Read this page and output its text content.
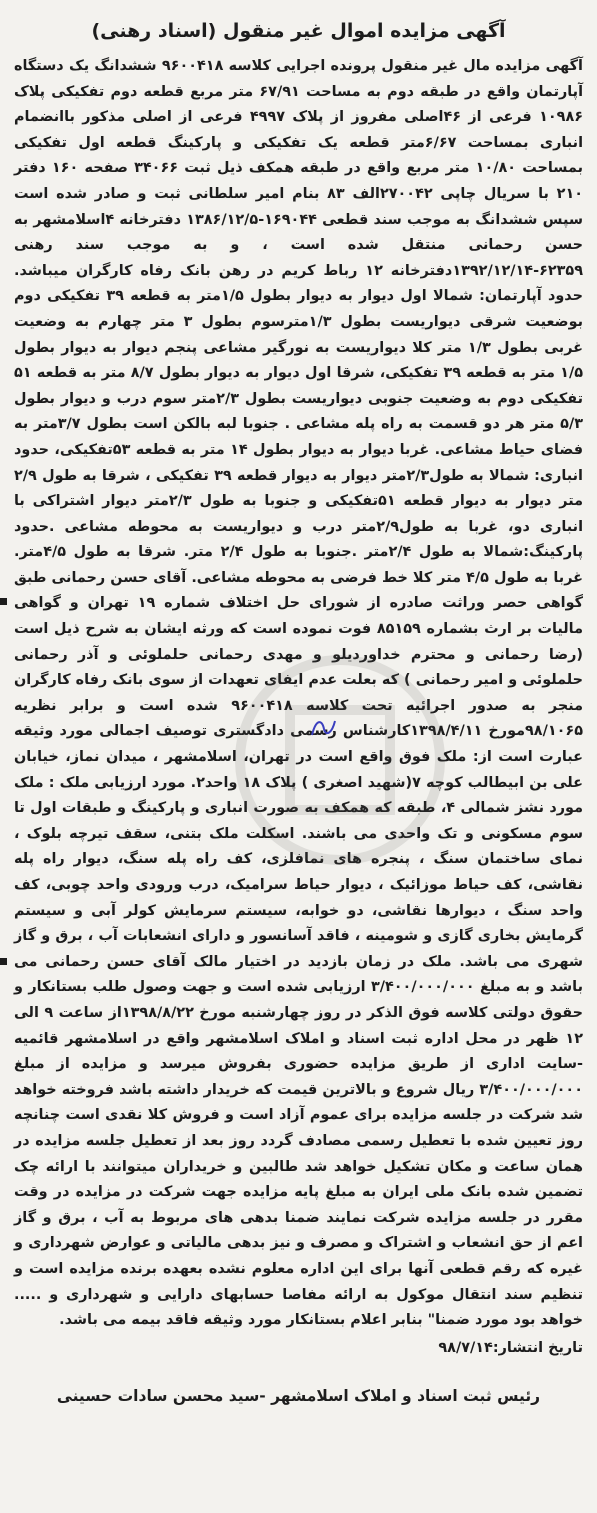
آگهی مزایده اموال غیر منقول (اسناد رهنی)

آگهی مزایده مال غیر منقول پرونده اجرایی کلاسه ۹۶۰۰۴۱۸ ششدانگ یک دستگاه آپارتمان واقع در طبقه دوم به مساحت ۶۷/۹۱ متر مربع قطعه دوم تفکیکی پلاک ۱۰۹۸۶ فرعی از ۴۶اصلی مفروز از پلاک ۴۹۹۷ فرعی از اصلی مذکور باانضمام انباری بمساحت ۶/۶۷متر قطعه یک تفکیکی و پارکینگ قطعه اول تفکیکی بمساحت ۱۰/۸۰ متر مربع واقع در طبقه همکف ذیل ثبت ۳۴۰۶۶ صفحه ۱۶۰ دفتر ۲۱۰ با سریال چاپی ۲۷۰۰۴۲الف ۸۳ بنام امیر سلطانی ثبت و صادر شده است سپس ششدانگ به موجب سند قطعی ۱۶۹۰۴۴-۱۳۸۶/۱۲/۵ دفترخانه ۴اسلامشهر به حسن رحمانی منتقل شده است ، و به موجب سند رهنی ۶۲۳۵۹-۱۳۹۲/۱۲/۱۴دفترخانه ۱۲ رباط کریم در رهن بانک رفاه کارگران میباشد. حدود آپارتمان: شمالا اول دیوار به دیوار بطول ۱/۵متر به قطعه ۳۹ تفکیکی دوم بوضعیت شرقی دیواریست بطول ۱/۳مترسوم بطول ۳ متر چهارم به وضعیت غربی بطول ۱/۳ متر کلا دیواریست به نورگیر مشاعی پنجم دیوار به دیوار بطول ۱/۵ متر به قطعه ۳۹ تفکیکی، شرقا اول دیوار به دیوار بطول ۸/۷ متر به قطعه ۵۱ تفکیکی دوم به وضعیت جنوبی دیواریست بطول ۲/۳متر سوم درب و دیوار بطول ۵/۳ متر هر دو قسمت به راه پله مشاعی . جنوبا لبه بالکن است بطول ۳/۷متر به فضای حیاط مشاعی. غربا دیوار به دیوار بطول ۱۴ متر به قطعه ۵۳تفکیکی، حدود انباری: شمالا به طول۲/۳متر دیوار به دیوار قطعه ۳۹ تفکیکی ، شرقا به طول ۲/۹ متر دیوار به دیوار قطعه ۵۱تفکیکی و جنوبا به طول ۲/۳متر دیوار اشتراکی با انباری دو، غربا به طول۲/۹متر درب و دیواریست به محوطه مشاعی .حدود پارکینگ:شمالا به طول ۲/۴متر .جنوبا به طول ۲/۴ متر. شرقا به طول ۴/۵متر. غربا به طول ۴/۵ متر کلا خط فرضی به محوطه مشاعی. آقای حسن رحمانی طبق گواهی حصر وراثت صادره از شورای حل اختلاف شماره ۱۹ تهران و گواهی مالیات بر ارث بشماره ۸۵۱۵۹ فوت نموده است که ورثه ایشان به شرح ذیل است (رضا رحمانی و محترم خداوردیلو و مهدی رحمانی حلملوئی و آذر رحمانی حلملوئی و امیر رحمانی ) که بعلت عدم ایفای تعهدات از سوی بانک رفاه کارگران منجر به صدور اجرائیه تحت کلاسه ۹۶۰۰۴۱۸ شده است و برابر نظریه ۹۸/۱۰۶۵مورخ ۱۳۹۸/۴/۱۱کارشناس رسمی دادگستری توصیف اجمالی مورد وثیقه عبارت است از: ملک فوق واقع است در تهران، اسلامشهر ، میدان نماز، خیابان علی بن ابیطالب کوچه ۷(شهید اصغری ) پلاک ۱۸ واحد۲. مورد ارزیابی ملک : ملک مورد نشز شمالی ۴، طبقه که همکف به صورت انباری و پارکینگ و طبقات اول تا سوم مسکونی و تک واحدی می باشند. اسکلت ملک بتنی، سقف تیرچه بلوک ، نمای ساختمان سنگ ، پنجره های نمافلزی، کف راه پله سنگ، دیوار راه پله نقاشی، کف حیاط موزائیک ، دیوار حیاط سرامیک، درب ورودی واحد چوبی، کف واحد سنگ ، دیوارها نقاشی، دو خوابه، سیستم سرمایش کولر آبی و سیستم گرمایش بخاری گازی و شومینه ، فاقد آسانسور و دارای انشعابات آب ، برق و گاز شهری می باشد. ملک در زمان بازدید در اختیار مالک آقای حسن رحمانی می باشد و به مبلغ ۳/۴۰۰/۰۰۰/۰۰۰ ارزیابی شده است و جهت وصول طلب بستانکار و حقوق دولتی کلاسه فوق الذکر در روز چهارشنبه مورخ ۱۳۹۸/۸/۲۲از ساعت ۹ الی ۱۲ ظهر در محل اداره ثبت اسناد و املاک اسلامشهر واقع در اسلامشهر قائمیه -سایت اداری از طریق مزایده حضوری بفروش میرسد و مزایده از مبلغ ۳/۴۰۰/۰۰۰/۰۰۰ ریال شروع و بالاترین قیمت که خریدار داشته باشد فروخته خواهد شد شرکت در جلسه مزایده برای عموم آزاد است و فروش کلا نقدی است چنانچه روز تعیین شده با تعطیل رسمی مصادف گردد روز بعد از تعطیل جلسه مزایده در همان ساعت و مکان تشکیل خواهد شد طالبین و خریداران میتوانند با ارائه چک تضمین شده بانک ملی ایران به مبلغ پایه مزایده جهت شرکت در مزایده در وقت مقرر در جلسه مزایده شرکت نمایند ضمنا بدهی های مربوط به آب ، برق و گاز اعم از حق انشعاب و اشتراک و مصرف و نیز بدهی مالیاتی و عوارض شهرداری و غیره که رقم قطعی آنها برای این اداره معلوم نشده بعهده برنده مزایده است و تنظیم سند انتقال موکول به ارائه مفاصا حسابهای دارایی و شهرداری و ..... خواهد بود مورد ضمنا" بنابر اعلام بستانکار مورد وثیقه فاقد بیمه می باشد.

تاریخ انتشار:۹۸/۷/۱۴
رئیس ثبت اسناد و املاک اسلامشهر -سید محسن سادات حسینی
